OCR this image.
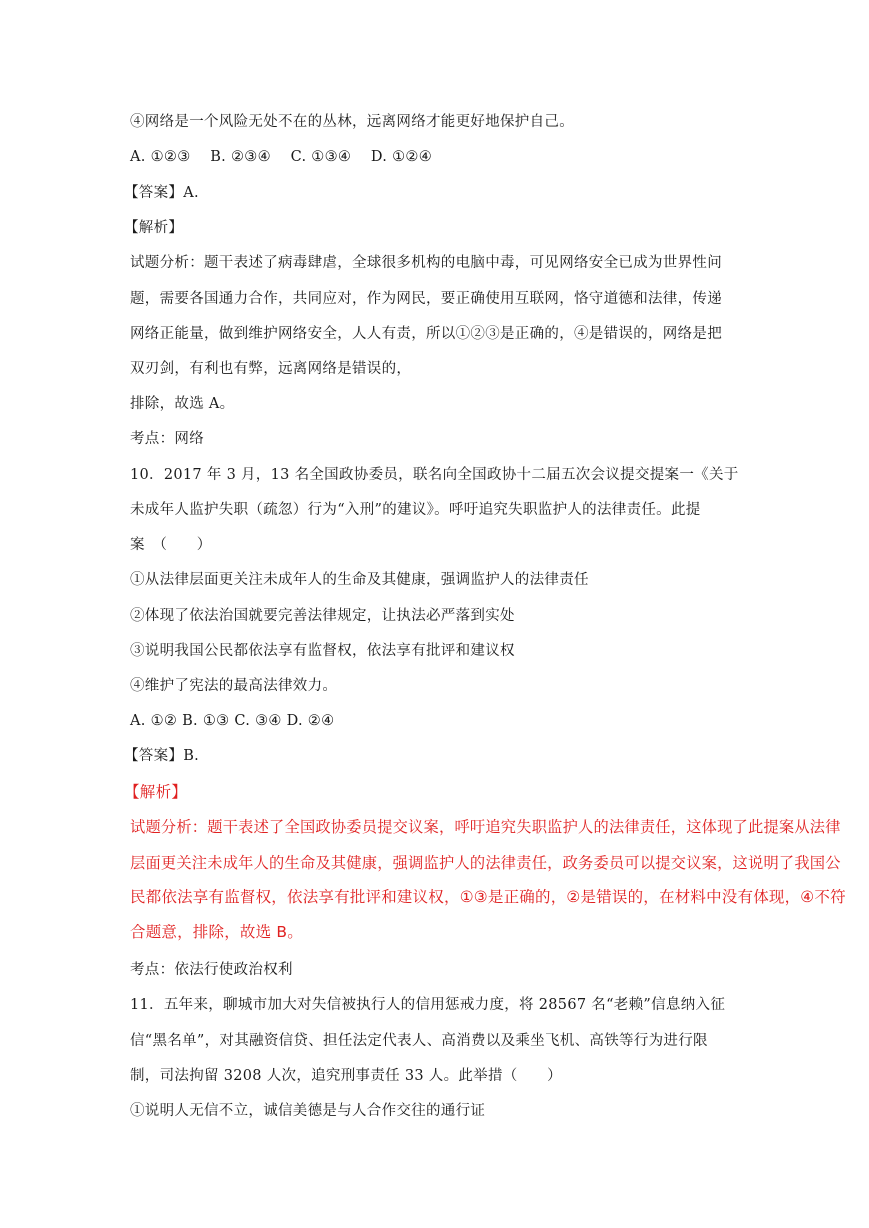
④网络是一个风险无处不在的丛林，远离网络才能更好地保护自己。
A. ①②③　 B. ②③④　 C. ①③④　 D. ①②④
【答案】A.
【解析】
试题分析：题干表述了病毒肆虐，全球很多机构的电脑中毒，可见网络安全已成为世界性问
题，需要各国通力合作，共同应对，作为网民，要正确使用互联网，恪守道德和法律，传递
网络正能量，做到维护网络安全，人人有责，所以①②③是正确的，④是错误的，网络是把
双刃剑，有利也有弊，远离网络是错误的，
排除，故选 A。
考点：网络
10．2017 年 3 月，13 名全国政协委员，联名向全国政协十二届五次会议提交提案一《关于
未成年人监护失职（疏忽）行为“入刑”的建议》。呼吁追究失职监护人的法律责任。此提
案　（　　）
①从法律层面更关注未成年人的生命及其健康，强调监护人的法律责任
②体现了依法治国就要完善法律规定，让执法必严落到实处
③说明我国公民都依法享有监督权，依法享有批评和建议权
④维护了宪法的最高法律效力。
A. ①② B. ①③ C. ③④ D. ②④
【答案】B.
【解析】
试题分析：题干表述了全国政协委员提交议案，呼吁追究失职监护人的法律责任，这体现了此提案从法律
层面更关注未成年人的生命及其健康，强调监护人的法律责任，政务委员可以提交议案，这说明了我国公
民都依法享有监督权，依法享有批评和建议权，①③是正确的，②是错误的，在材料中没有体现，④不符
合题意，排除，故选 B。
考点：依法行使政治权利
11．五年来，聊城市加大对失信被执行人的信用惩戒力度，将 28567 名“老赖”信息纳入征
信“黑名单”，对其融资信贷、担任法定代表人、高消费以及乘坐飞机、高铁等行为进行限
制，司法拘留 3208 人次，追究刑事责任 33 人。此举措（　　）
①说明人无信不立，诚信美德是与人合作交往的通行证
